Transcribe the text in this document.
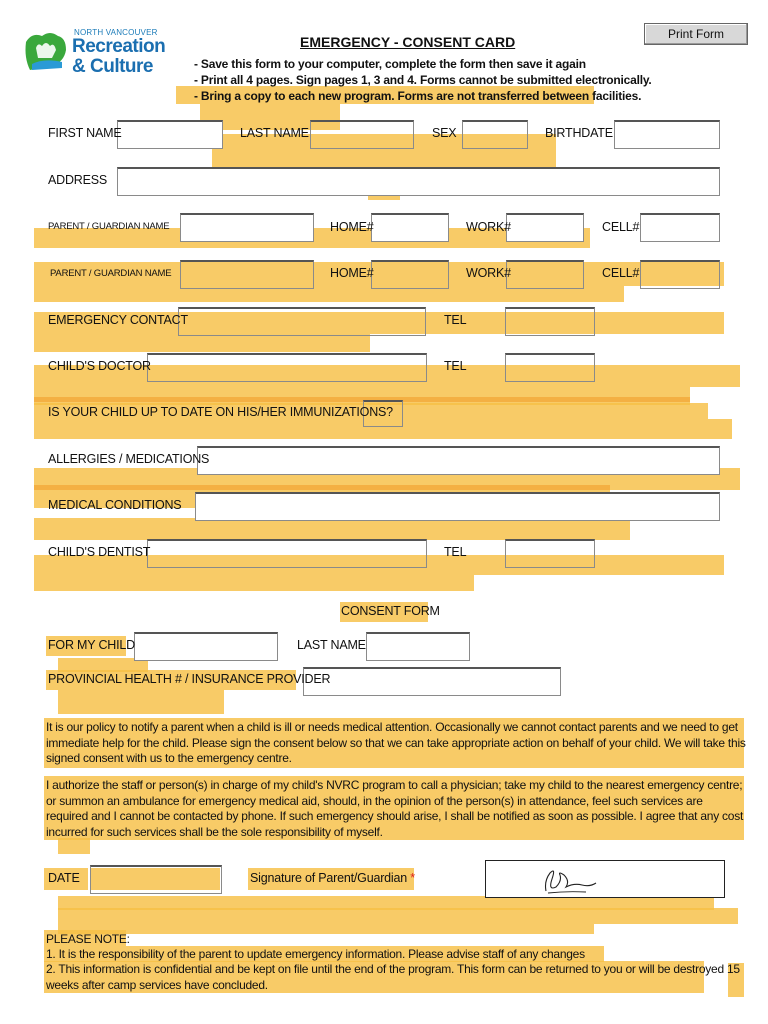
NORTH VANCOUVER
Recreation
& Culture
EMERGENCY - CONSENT CARD	Print Form
- Save this form to your computer, complete the form then save it again
- Print all 4 pages. Sign pages 1, 3 and 4. Forms cannot be submitted electronically.
- Bring a copy to each new program. Forms are not transferred between facilities.
FIRST NAME	LAST NAME	SEX	BIRTHDATE
ADDRESS
PARENT / GUARDIAN NAME	HOME#	WORK#	CELL#
PARENT / GUARDIAN NAME	HOME#	WORK#	CELL#
EMERGENCY CONTACT	TEL
CHILD'S DOCTOR	TEL
IS YOUR CHILD UP TO DATE ON HIS/HER IMMUNIZATIONS?
ALLERGIES / MEDICATIONS
MEDICAL CONDITIONS
CHILD'S DENTIST	TEL
CONSENT FORM
FOR MY CHILD	LAST NAME
PROVINCIAL HEALTH # / INSURANCE PROVIDER
It is our policy to notify a parent when a child is ill or needs medical attention. Occasionally we cannot contact parents and we need to get immediate help for the child. Please sign the consent below so that we can take appropriate action on behalf of your child. We will take this signed consent with us to the emergency centre.
I authorize the staff or person(s) in charge of my child's NVRC program to call a physician; take my child to the nearest emergency centre; or summon an ambulance for emergency medical aid, should, in the opinion of the person(s) in attendance, feel such services are required and I cannot be contacted by phone. If such emergency should arise, I shall be notified as soon as possible. I agree that any cost incurred for such services shall be the sole responsibility of myself.
DATE	Signature of Parent/Guardian *
PLEASE NOTE:
1. It is the responsibility of the parent to update emergency information. Please advise staff of any changes
2. This information is confidential and be kept on file until the end of the program. This form can be returned to you or will be destroyed 15 weeks after camp services have concluded.
